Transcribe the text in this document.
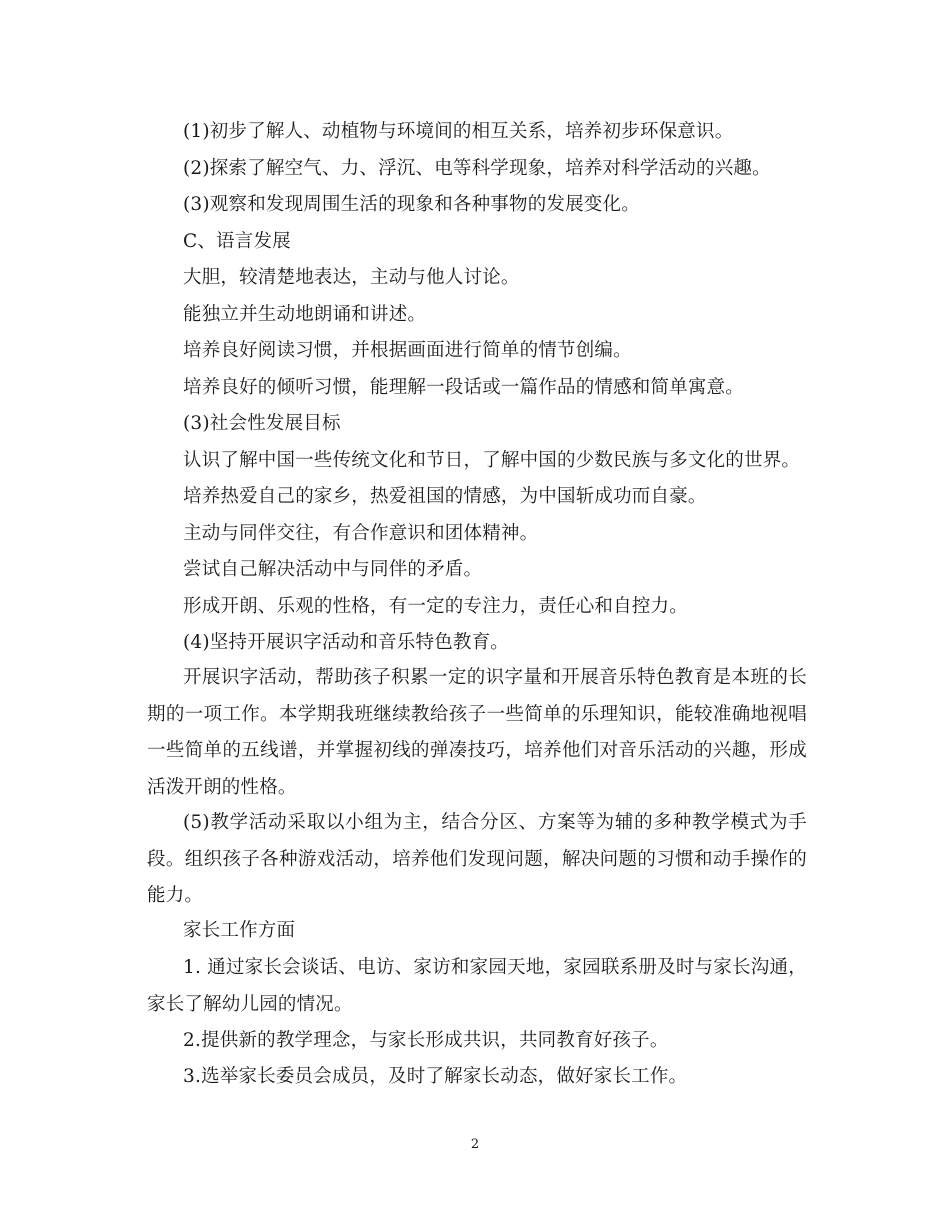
(1)初步了解人、动植物与环境间的相互关系，培养初步环保意识。
(2)探索了解空气、力、浮沉、电等科学现象，培养对科学活动的兴趣。
(3)观察和发现周围生活的现象和各种事物的发展变化。
C、语言发展
大胆，较清楚地表达，主动与他人讨论。
能独立并生动地朗诵和讲述。
培养良好阅读习惯，并根据画面进行简单的情节创编。
培养良好的倾听习惯，能理解一段话或一篇作品的情感和简单寓意。
(3)社会性发展目标
认识了解中国一些传统文化和节日，了解中国的少数民族与多文化的世界。
培养热爱自己的家乡，热爱祖国的情感，为中国斩成功而自豪。
主动与同伴交往，有合作意识和团体精神。
尝试自己解决活动中与同伴的矛盾。
形成开朗、乐观的性格，有一定的专注力，责任心和自控力。
(4)坚持开展识字活动和音乐特色教育。
开展识字活动，帮助孩子积累一定的识字量和开展音乐特色教育是本班的长期的一项工作。本学期我班继续教给孩子一些简单的乐理知识，能较准确地视唱一些简单的五线谱，并掌握初线的弹凑技巧，培养他们对音乐活动的兴趣，形成活泼开朗的性格。
(5)教学活动采取以小组为主，结合分区、方案等为辅的多种教学模式为手段。组织孩子各种游戏活动，培养他们发现问题，解决问题的习惯和动手操作的能力。
家长工作方面
1. 通过家长会谈话、电访、家访和家园天地，家园联系册及时与家长沟通，家长了解幼儿园的情况。
2.提供新的教学理念，与家长形成共识，共同教育好孩子。
3.选举家长委员会成员，及时了解家长动态，做好家长工作。
2
